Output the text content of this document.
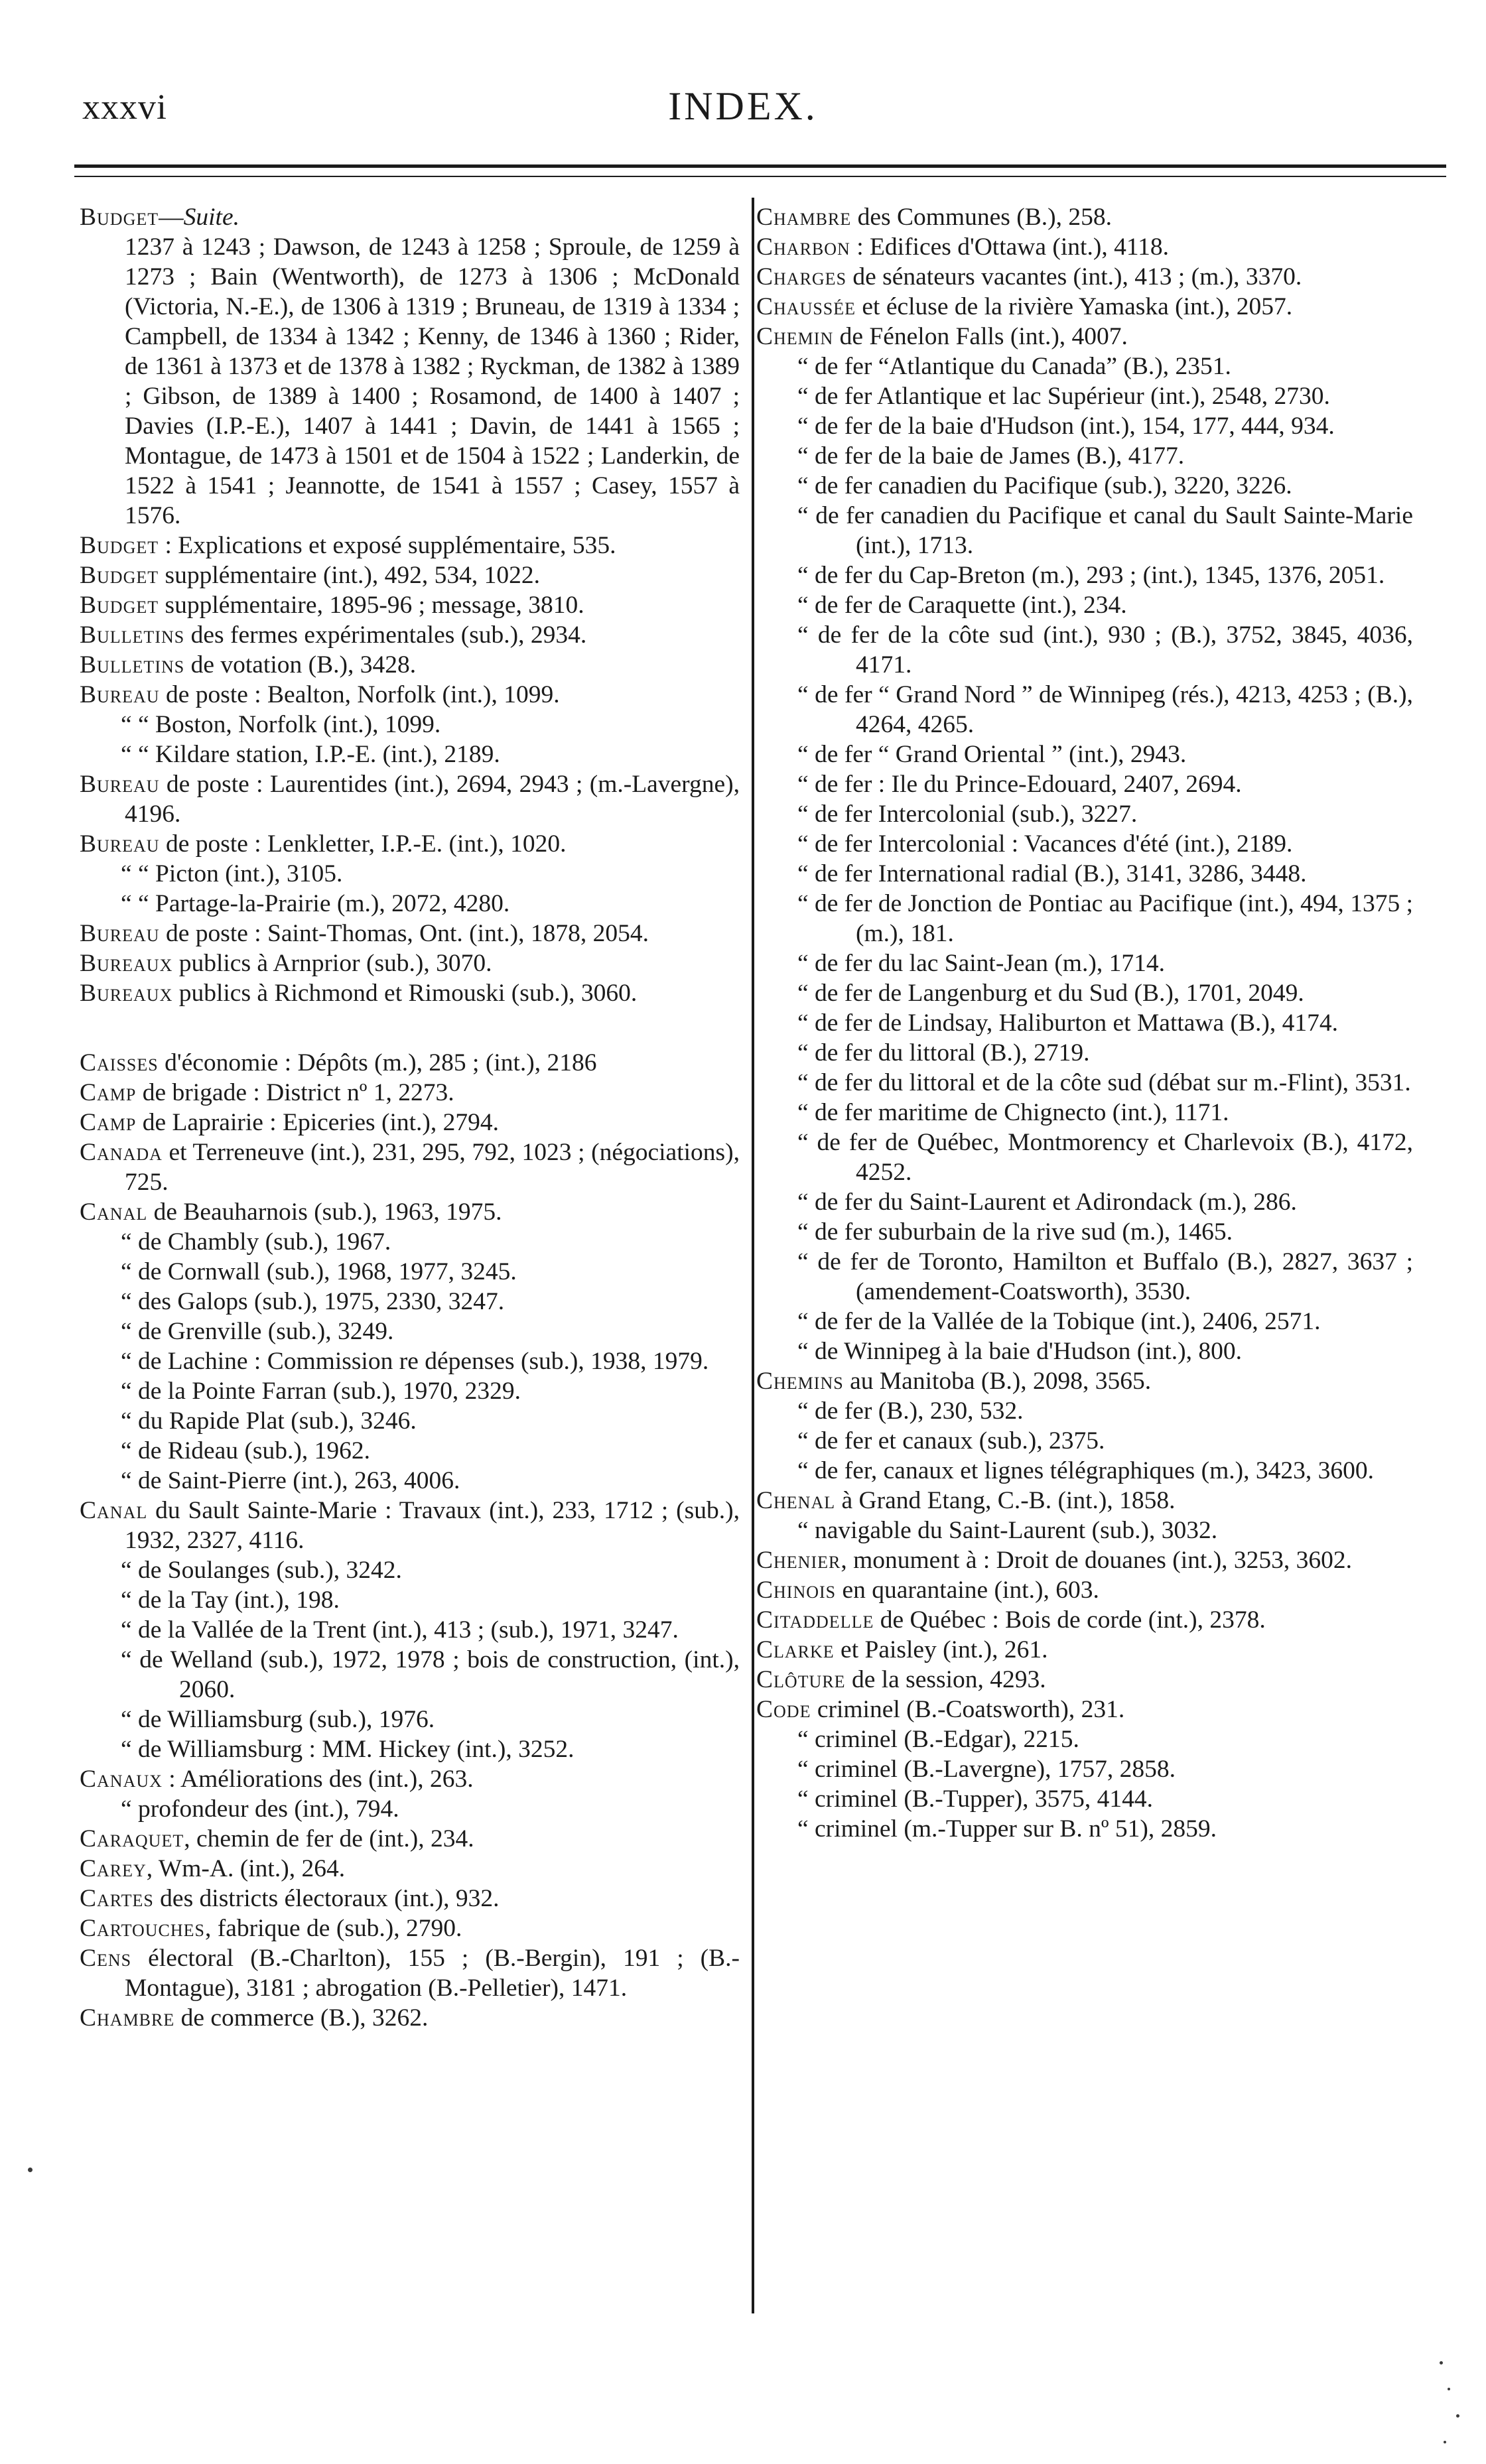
xxxvi	INDEX.
Budget—Suite.
1237 à 1243 ; Dawson, de 1243 à 1258 ; Sproule, de 1259 à 1273 ; Bain (Wentworth), de 1273 à 1306 ; McDonald (Victoria, N.-E.), de 1306 à 1319 ; Bruneau, de 1319 à 1334 ; Campbell, de 1334 à 1342 ; Kenny, de 1346 à 1360 ; Rider, de 1361 à 1373 et de 1378 à 1382 ; Ryckman, de 1382 à 1389 ; Gibson, de 1389 à 1400 ; Rosamond, de 1400 à 1407 ; Davies (I.P.-E.), 1407 à 1441 ; Davin, de 1441 à 1565 ; Montague, de 1473 à 1501 et de 1504 à 1522 ; Landerkin, de 1522 à 1541 ; Jeannotte, de 1541 à 1557 ; Casey, 1557 à 1576.
Budget : Explications et exposé supplémentaire, 535.
Budget supplémentaire (int.), 492, 534, 1022.
Budget supplémentaire, 1895-96 ; message, 3810.
Bulletins des fermes expérimentales (sub.), 2934.
Bulletins de votation (B.), 3428.
Bureau de poste : Bealton, Norfolk (int.), 1099.
“ “ Boston, Norfolk (int.), 1099.
“ “ Kildare station, I.P.-E. (int.), 2189.
Bureau de poste : Laurentides (int.), 2694, 2943 ; (m.-Lavergne), 4196.
Bureau de poste : Lenkletter, I.P.-E. (int.), 1020.
“ “ Picton (int.), 3105.
“ “ Partage-la-Prairie (m.), 2072, 4280.
Bureau de poste : Saint-Thomas, Ont. (int.), 1878, 2054.
Bureaux publics à Arnprior (sub.), 3070.
Bureaux publics à Richmond et Rimouski (sub.), 3060.
Caisses d'économie : Dépôts (m.), 285 ; (int.), 2186
Camp de brigade : District nº 1, 2273.
Camp de Laprairie : Epiceries (int.), 2794.
Canada et Terreneuve (int.), 231, 295, 792, 1023 ; (négociations), 725.
Canal de Beauharnois (sub.), 1963, 1975.
“ de Chambly (sub.), 1967.
“ de Cornwall (sub.), 1968, 1977, 3245.
“ des Galops (sub.), 1975, 2330, 3247.
“ de Grenville (sub.), 3249.
“ de Lachine : Commission re dépenses (sub.), 1938, 1979.
“ de la Pointe Farran (sub.), 1970, 2329.
“ du Rapide Plat (sub.), 3246.
“ de Rideau (sub.), 1962.
“ de Saint-Pierre (int.), 263, 4006.
Canal du Sault Sainte-Marie : Travaux (int.), 233, 1712 ; (sub.), 1932, 2327, 4116.
“ de Soulanges (sub.), 3242.
“ de la Tay (int.), 198.
“ de la Vallée de la Trent (int.), 413 ; (sub.), 1971, 3247.
“ de Welland (sub.), 1972, 1978 ; bois de construction, (int.), 2060.
“ de Williamsburg (sub.), 1976.
“ de Williamsburg : MM. Hickey (int.), 3252.
Canaux : Améliorations des (int.), 263.
“ profondeur des (int.), 794.
Caraquet, chemin de fer de (int.), 234.
Carey, Wm-A. (int.), 264.
Cartes des districts électoraux (int.), 932.
Cartouches, fabrique de (sub.), 2790.
Cens électoral (B.-Charlton), 155 ; (B.-Bergin), 191 ; (B.-Montague), 3181 ; abrogation (B.-Pelletier), 1471.
Chambre de commerce (B.), 3262.
Chambre des Communes (B.), 258.
Charbon : Edifices d'Ottawa (int.), 4118.
Charges de sénateurs vacantes (int.), 413 ; (m.), 3370.
Chaussée et écluse de la rivière Yamaska (int.), 2057.
Chemin de Fénelon Falls (int.), 4007.
“ de fer “Atlantique du Canada” (B.), 2351.
“ de fer Atlantique et lac Supérieur (int.), 2548, 2730.
“ de fer de la baie d'Hudson (int.), 154, 177, 444, 934.
“ de fer de la baie de James (B.), 4177.
“ de fer canadien du Pacifique (sub.), 3220, 3226.
“ de fer canadien du Pacifique et canal du Sault Sainte-Marie (int.), 1713.
“ de fer du Cap-Breton (m.), 293 ; (int.), 1345, 1376, 2051.
“ de fer de Caraquette (int.), 234.
“ de fer de la côte sud (int.), 930 ; (B.), 3752, 3845, 4036, 4171.
“ de fer “ Grand Nord ” de Winnipeg (rés.), 4213, 4253 ; (B.), 4264, 4265.
“ de fer “ Grand Oriental ” (int.), 2943.
“ de fer : Ile du Prince-Edouard, 2407, 2694.
“ de fer Intercolonial (sub.), 3227.
“ de fer Intercolonial : Vacances d'été (int.), 2189.
“ de fer International radial (B.), 3141, 3286, 3448.
“ de fer de Jonction de Pontiac au Pacifique (int.), 494, 1375 ; (m.), 181.
“ de fer du lac Saint-Jean (m.), 1714.
“ de fer de Langenburg et du Sud (B.), 1701, 2049.
“ de fer de Lindsay, Haliburton et Mattawa (B.), 4174.
“ de fer du littoral (B.), 2719.
“ de fer du littoral et de la côte sud (débat sur m.-Flint), 3531.
“ de fer maritime de Chignecto (int.), 1171.
“ de fer de Québec, Montmorency et Charlevoix (B.), 4172, 4252.
“ de fer du Saint-Laurent et Adirondack (m.), 286.
“ de fer suburbain de la rive sud (m.), 1465.
“ de fer de Toronto, Hamilton et Buffalo (B.), 2827, 3637 ; (amendement-Coatsworth), 3530.
“ de fer de la Vallée de la Tobique (int.), 2406, 2571.
“ de Winnipeg à la baie d'Hudson (int.), 800.
Chemins au Manitoba (B.), 2098, 3565.
“ de fer (B.), 230, 532.
“ de fer et canaux (sub.), 2375.
“ de fer, canaux et lignes télégraphiques (m.), 3423, 3600.
Chenal à Grand Etang, C.-B. (int.), 1858.
“ navigable du Saint-Laurent (sub.), 3032.
Chenier, monument à : Droit de douanes (int.), 3253, 3602.
Chinois en quarantaine (int.), 603.
Citaddelle de Québec : Bois de corde (int.), 2378.
Clarke et Paisley (int.), 261.
Clôture de la session, 4293.
Code criminel (B.-Coatsworth), 231.
“ criminel (B.-Edgar), 2215.
“ criminel (B.-Lavergne), 1757, 2858.
“ criminel (B.-Tupper), 3575, 4144.
“ criminel (m.-Tupper sur B. nº 51), 2859.
